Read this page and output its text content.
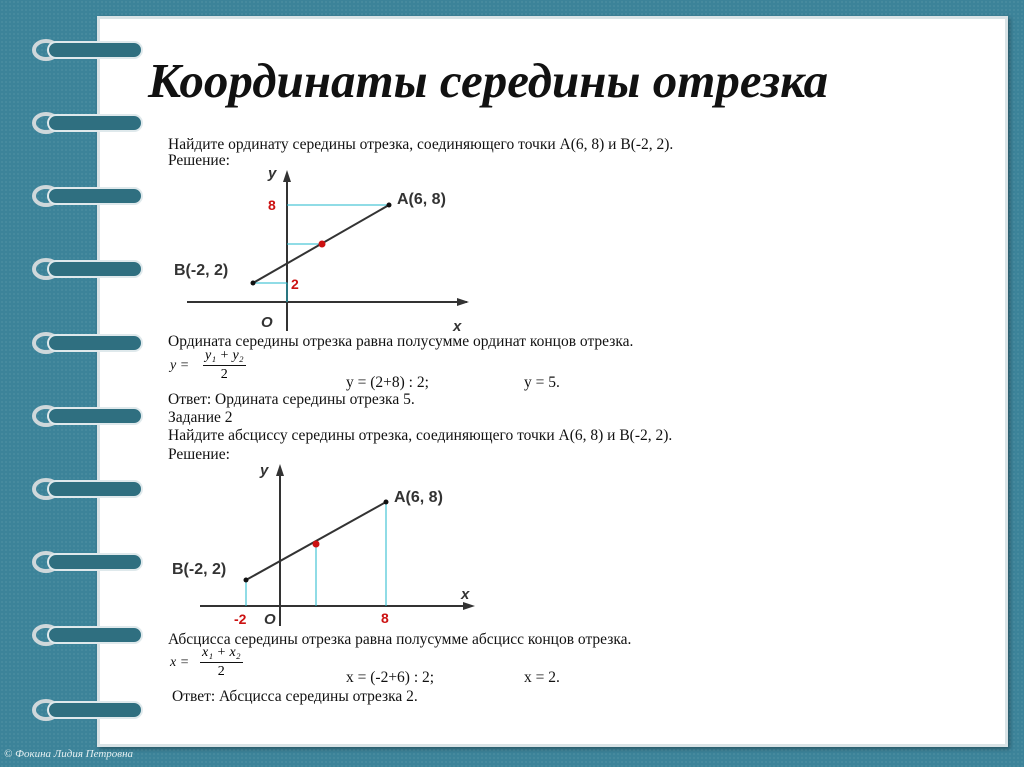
Координаты середины отрезка
Найдите ординату середины отрезка, соединяющего точки А(6, 8) и В(-2, 2).
Решение:
y
x
O
8
2
A(6, 8)
B(-2, 2)
Ордината середины отрезка равна полусумме ординат концов отрезка.
$y = \frac{\text{y₁ + y₂}}{2}$	y = (2+8) : 2;	y = 5.
Ответ: Ордината середины отрезка 5.
Задание 2
Найдите абсциссу середины отрезка, соединяющего точки А(6, 8) и В(-2, 2).
Решение:
y
x
O
-2	8
A(6, 8)
B(-2, 2)
Абсцисса середины отрезка равна полусумме абсцисс концов отрезка.
$x = \frac{\text{x₁ + x₂}}{2}$	x = (-2+6) : 2;	x = 2.
Ответ: Абсцисса середины отрезка 2.
© Фокина Лидия Петровна
